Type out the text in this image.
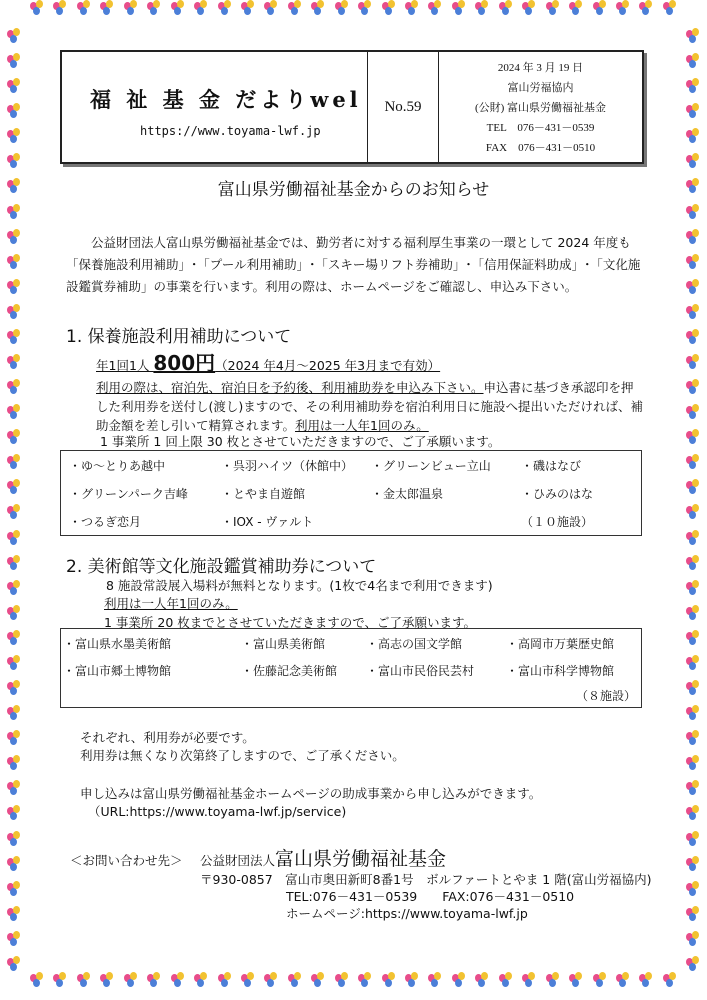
福 祉 基 金 だよりwel
https://www.toyama-lwf.jp
No.59
2024 年 3 月 19 日
富山労福協内
(公財) 富山県労働福祉基金
TEL　076－431－0539
FAX　076－431－0510
富山県労働福祉基金からのお知らせ
公益財団法人富山県労働福祉基金では、勤労者に対する福利厚生事業の一環として 2024 年度も「保養施設利用補助」･「プール利用補助」･「スキー場リフト券補助」･「信用保証料助成」･「文化施設鑑賞券補助」の事業を行います。利用の際は、ホームページをご確認し、申込み下さい。
1. 保養施設利用補助について
年1回1人 800円（2024 年4月～2025 年3月まで有効）
利用の際は、宿泊先、宿泊日を予約後、利用補助券を申込み下さい。申込書に基づき承認印を押した利用券を送付し(渡し)ますので、その利用補助券を宿泊利用日に施設へ提出いただければ、補助金額を差し引いて精算されます。利用は一人年1回のみ。
1 事業所 1 回上限 30 枚とさせていただきますので、ご了承願います。
・ゆ～とりあ越中	・呉羽ハイツ（休館中） ・グリーンビュー立山	・磯はなび
・グリーンパーク吉峰	・とやま自遊館	・金太郎温泉	・ひみのはな
・つるぎ恋月	・IOX - ヴァルト	（１０施設）
2. 美術館等文化施設鑑賞補助券について
8 施設常設展入場料が無料となります。(1枚で4名まで利用できます)
利用は一人年1回のみ。
1 事業所 20 枚までとさせていただきますので、ご了承願います。
・富山県水墨美術館	・富山県美術館	・高志の国文学館	・高岡市万葉歴史館
・富山市郷土博物館	・佐藤記念美術館 ・富山市民俗民芸村	・富山市科学博物館
（８施設）
それぞれ、利用券が必要です。
利用券は無くなり次第終了しますので、ご了承ください。
申し込みは富山県労働福祉基金ホームページの助成事業から申し込みができます。
（URL:https://www.toyama-lwf.jp/service)
＜お問い合わせ先＞ 公益財団法人富山県労働福祉基金
〒930-0857　富山市奥田新町8番1号　ボルファートとやま 1 階(富山労福協内)
TEL:076－431－0539　　FAX:076－431－0510
ホームページ:https://www.toyama-lwf.jp
